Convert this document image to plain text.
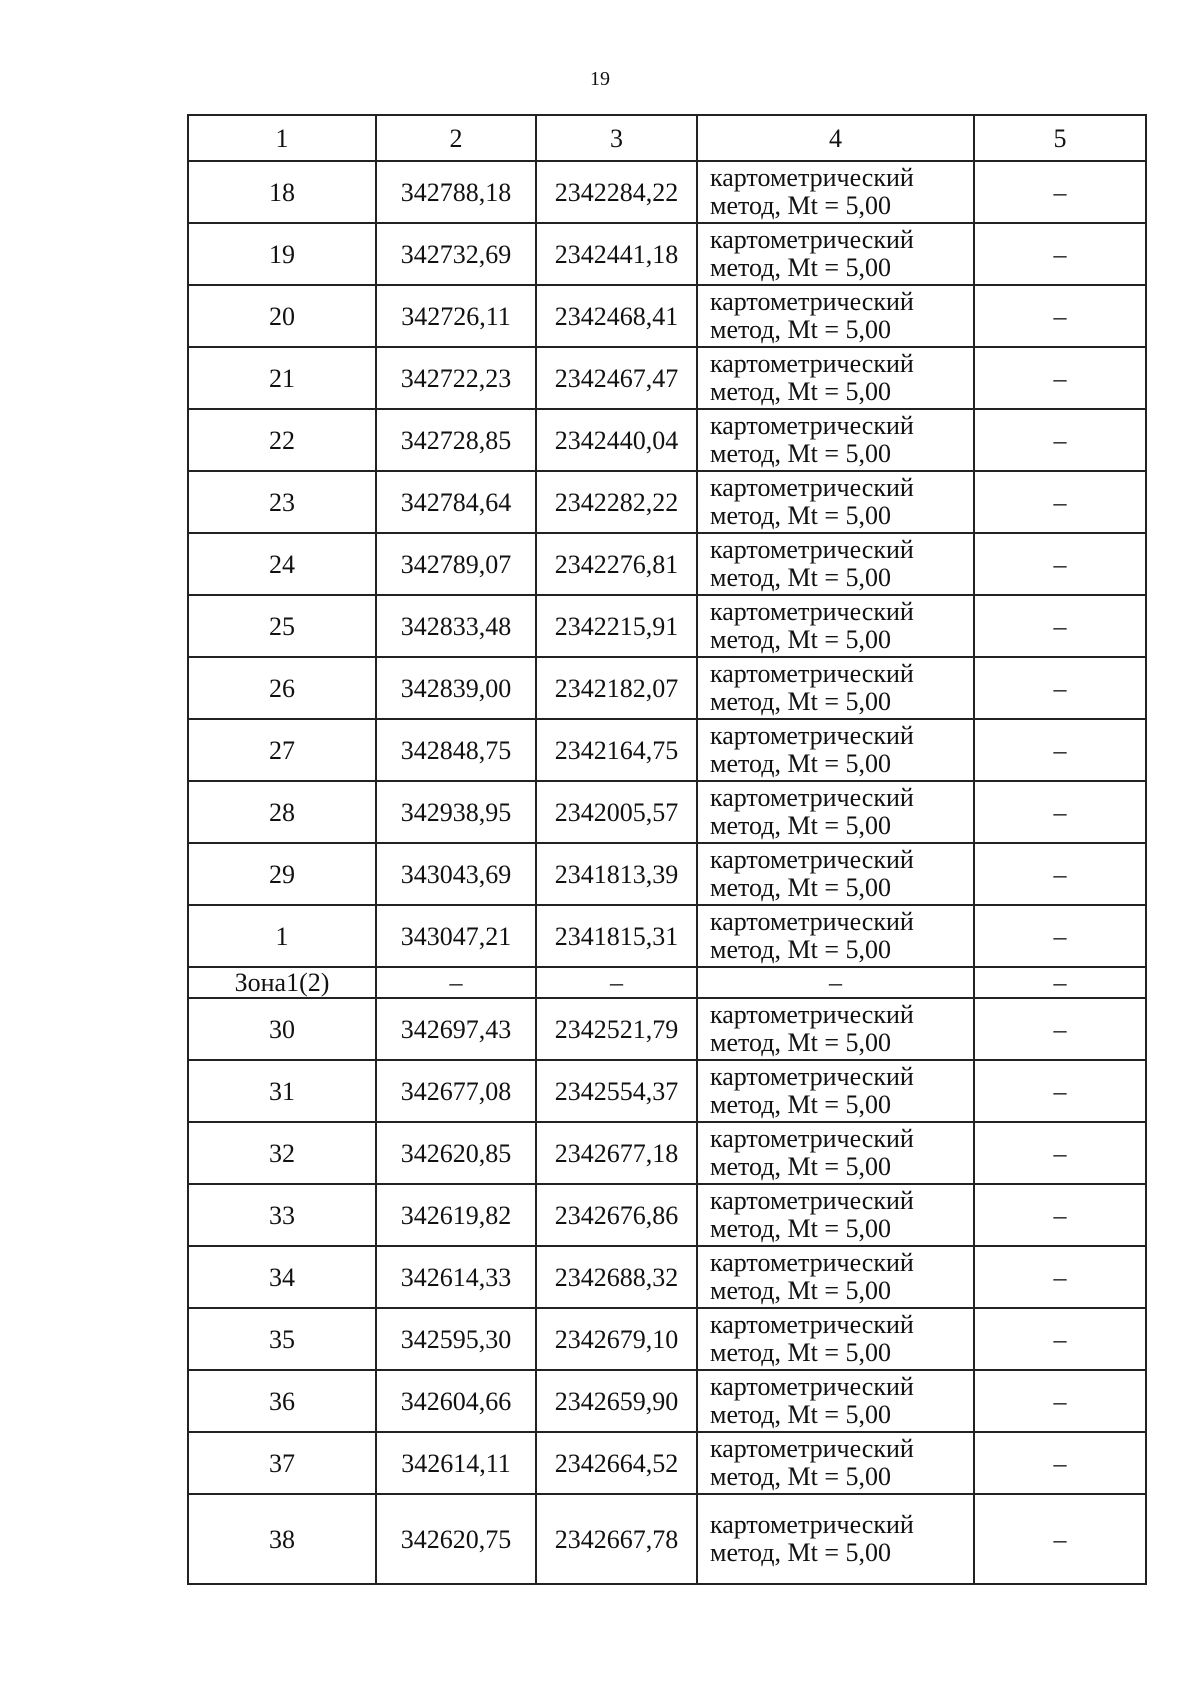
19
1	2	3	4	5
18	342788,18	2342284,22	картометрический
метод, Mt = 5,00	–
19	342732,69	2342441,18	картометрический
метод, Mt = 5,00	–
20	342726,11	2342468,41	картометрический
метод, Mt = 5,00	–
21	342722,23	2342467,47	картометрический
метод, Mt = 5,00	–
22	342728,85	2342440,04	картометрический
метод, Mt = 5,00	–
23	342784,64	2342282,22	картометрический
метод, Mt = 5,00	–
24	342789,07	2342276,81	картометрический
метод, Mt = 5,00	–
25	342833,48	2342215,91	картометрический
метод, Mt = 5,00	–
26	342839,00	2342182,07	картометрический
метод, Mt = 5,00	–
27	342848,75	2342164,75	картометрический
метод, Mt = 5,00	–
28	342938,95	2342005,57	картометрический
метод, Mt = 5,00	–
29	343043,69	2341813,39	картометрический
метод, Mt = 5,00	–
1	343047,21	2341815,31	картометрический
метод, Mt = 5,00	–
Зона1(2)	–	–	–	–
30	342697,43	2342521,79	картометрический
метод, Mt = 5,00	–
31	342677,08	2342554,37	картометрический
метод, Mt = 5,00	–
32	342620,85	2342677,18	картометрический
метод, Mt = 5,00	–
33	342619,82	2342676,86	картометрический
метод, Mt = 5,00	–
34	342614,33	2342688,32	картометрический
метод, Mt = 5,00	–
35	342595,30	2342679,10	картометрический
метод, Mt = 5,00	–
36	342604,66	2342659,90	картометрический
метод, Mt = 5,00	–
37	342614,11	2342664,52	картометрический
метод, Mt = 5,00	–
38	342620,75	2342667,78	картометрический
метод, Mt = 5,00	–
